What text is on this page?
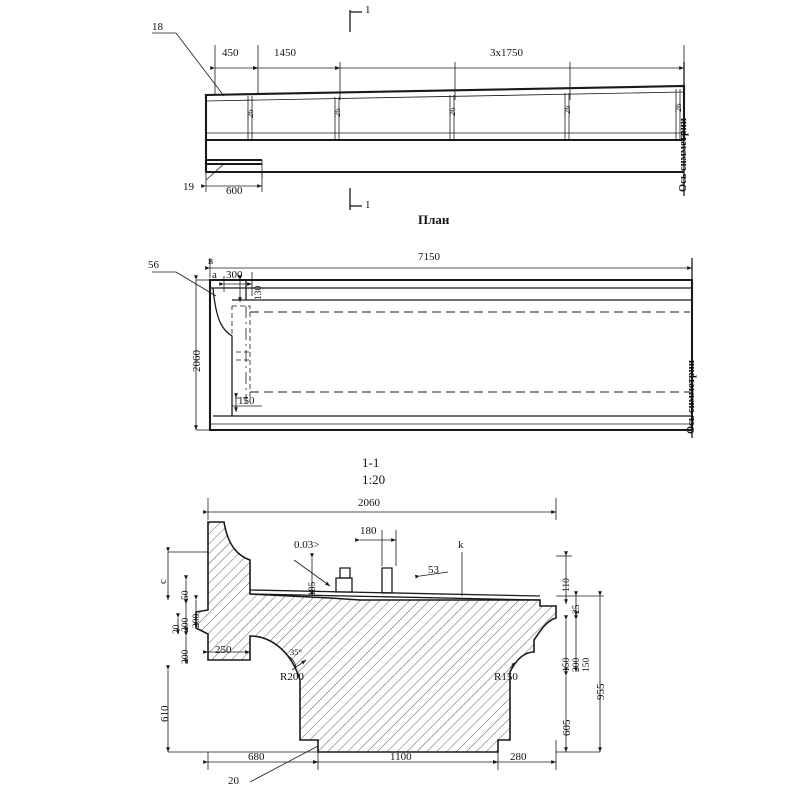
1
1
18
19
450	1450	3х1750
600
26	26	26	26	26
Ось симметрии
План
7150
2060
300
130
150
56
а
в
Ось симметрии
1-1
1:20
2060
180
0.03>	k
53
185
c
50
200
200
20
200
610
250	35°
R200	R150
680	1100	280
20
110
25
150 200 150
605
955
